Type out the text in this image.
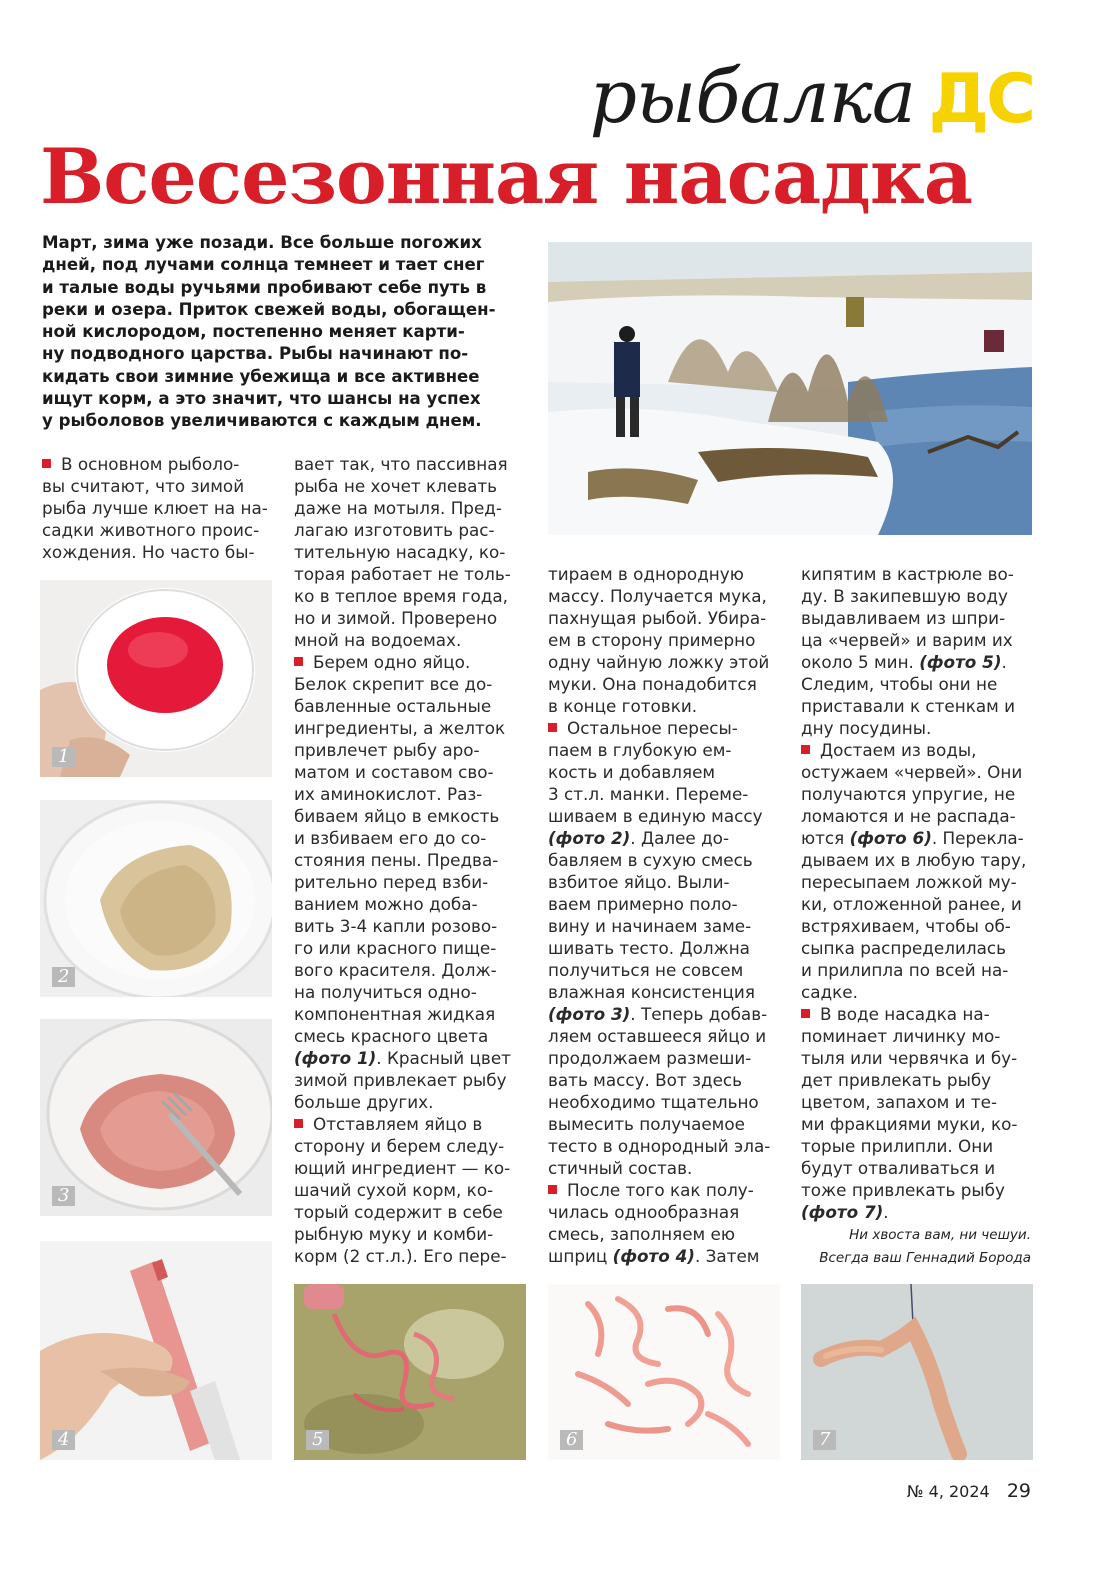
рыбалка ДС
Всесезонная насадка
Март, зима уже позади. Все больше погожих
дней, под лучами солнца темнеет и тает снег
и талые воды ручьями пробивают себе путь в
реки и озера. Приток свежей воды, обогащен-
ной кислородом, постепенно меняет карти-
ну подводного царства. Рыбы начинают по-
кидать свои зимние убежища и все активнее
ищут корм, а это значит, что шансы на успех
у рыболовов увеличиваются с каждым днем.
В основном рыболо-
вы считают, что зимой
рыба лучше клюет на на-
садки животного проис-
хождения. Но часто бы-
1
2
3
вает так, что пассивная
рыба не хочет клевать
даже на мотыля. Пред-
лагаю изготовить рас-
тительную насадку, ко-
торая работает не толь-
ко в теплое время года,
но и зимой. Проверено
мной на водоемах.
Берем одно яйцо.
Белок скрепит все до-
бавленные остальные
ингредиенты, а желток
привлечет рыбу аро-
матом и составом сво-
их аминокислот. Раз-
биваем яйцо в емкость
и взбиваем его до со-
стояния пены. Предва-
рительно перед взби-
ванием можно доба-
вить 3-4 капли розово-
го или красного пище-
вого красителя. Долж-
на получиться одно-
компонентная жидкая
смесь красного цвета
(фото 1). Красный цвет
зимой привлекает рыбу
больше других.
Отставляем яйцо в
сторону и берем следу-
ющий ингредиент — ко-
шачий сухой корм, ко-
торый содержит в себе
рыбную муку и комби-
корм (2 ст.л.). Его пере-
тираем в однородную
массу. Получается мука,
пахнущая рыбой. Убира-
ем в сторону примерно
одну чайную ложку этой
муки. Она понадобится
в конце готовки.
Остальное пересы-
паем в глубокую ем-
кость и добавляем
3 ст.л. манки. Переме-
шиваем в единую массу
(фото 2). Далее до-
бавляем в сухую смесь
взбитое яйцо. Выли-
ваем примерно поло-
вину и начинаем заме-
шивать тесто. Должна
получиться не совсем
влажная консистенция
(фото 3). Теперь добав-
ляем оставшееся яйцо и
продолжаем размеши-
вать массу. Вот здесь
необходимо тщательно
вымесить получаемое
тесто в однородный эла-
стичный состав.
После того как полу-
чилась однообразная
смесь, заполняем ею
шприц (фото 4). Затем
кипятим в кастрюле во-
ду. В закипевшую воду
выдавливаем из шпри-
ца «червей» и варим их
около 5 мин. (фото 5).
Следим, чтобы они не
приставали к стенкам и
дну посудины.
Достаем из воды,
остужаем «червей». Они
получаются упругие, не
ломаются и не распада-
ются (фото 6). Перекла-
дываем их в любую тару,
пересыпаем ложкой му-
ки, отложенной ранее, и
встряхиваем, чтобы об-
сыпка распределилась
и прилипла по всей на-
садке.
В воде насадка на-
поминает личинку мо-
тыля или червячка и бу-
дет привлекать рыбу
цветом, запахом и те-
ми фракциями муки, ко-
торые прилипли. Они
будут отваливаться и
тоже привлекать рыбу
(фото 7).
Ни хвоста вам, ни чешуи.
Всегда ваш Геннадий Борода
4	5	6	7
№ 4, 2024 29
